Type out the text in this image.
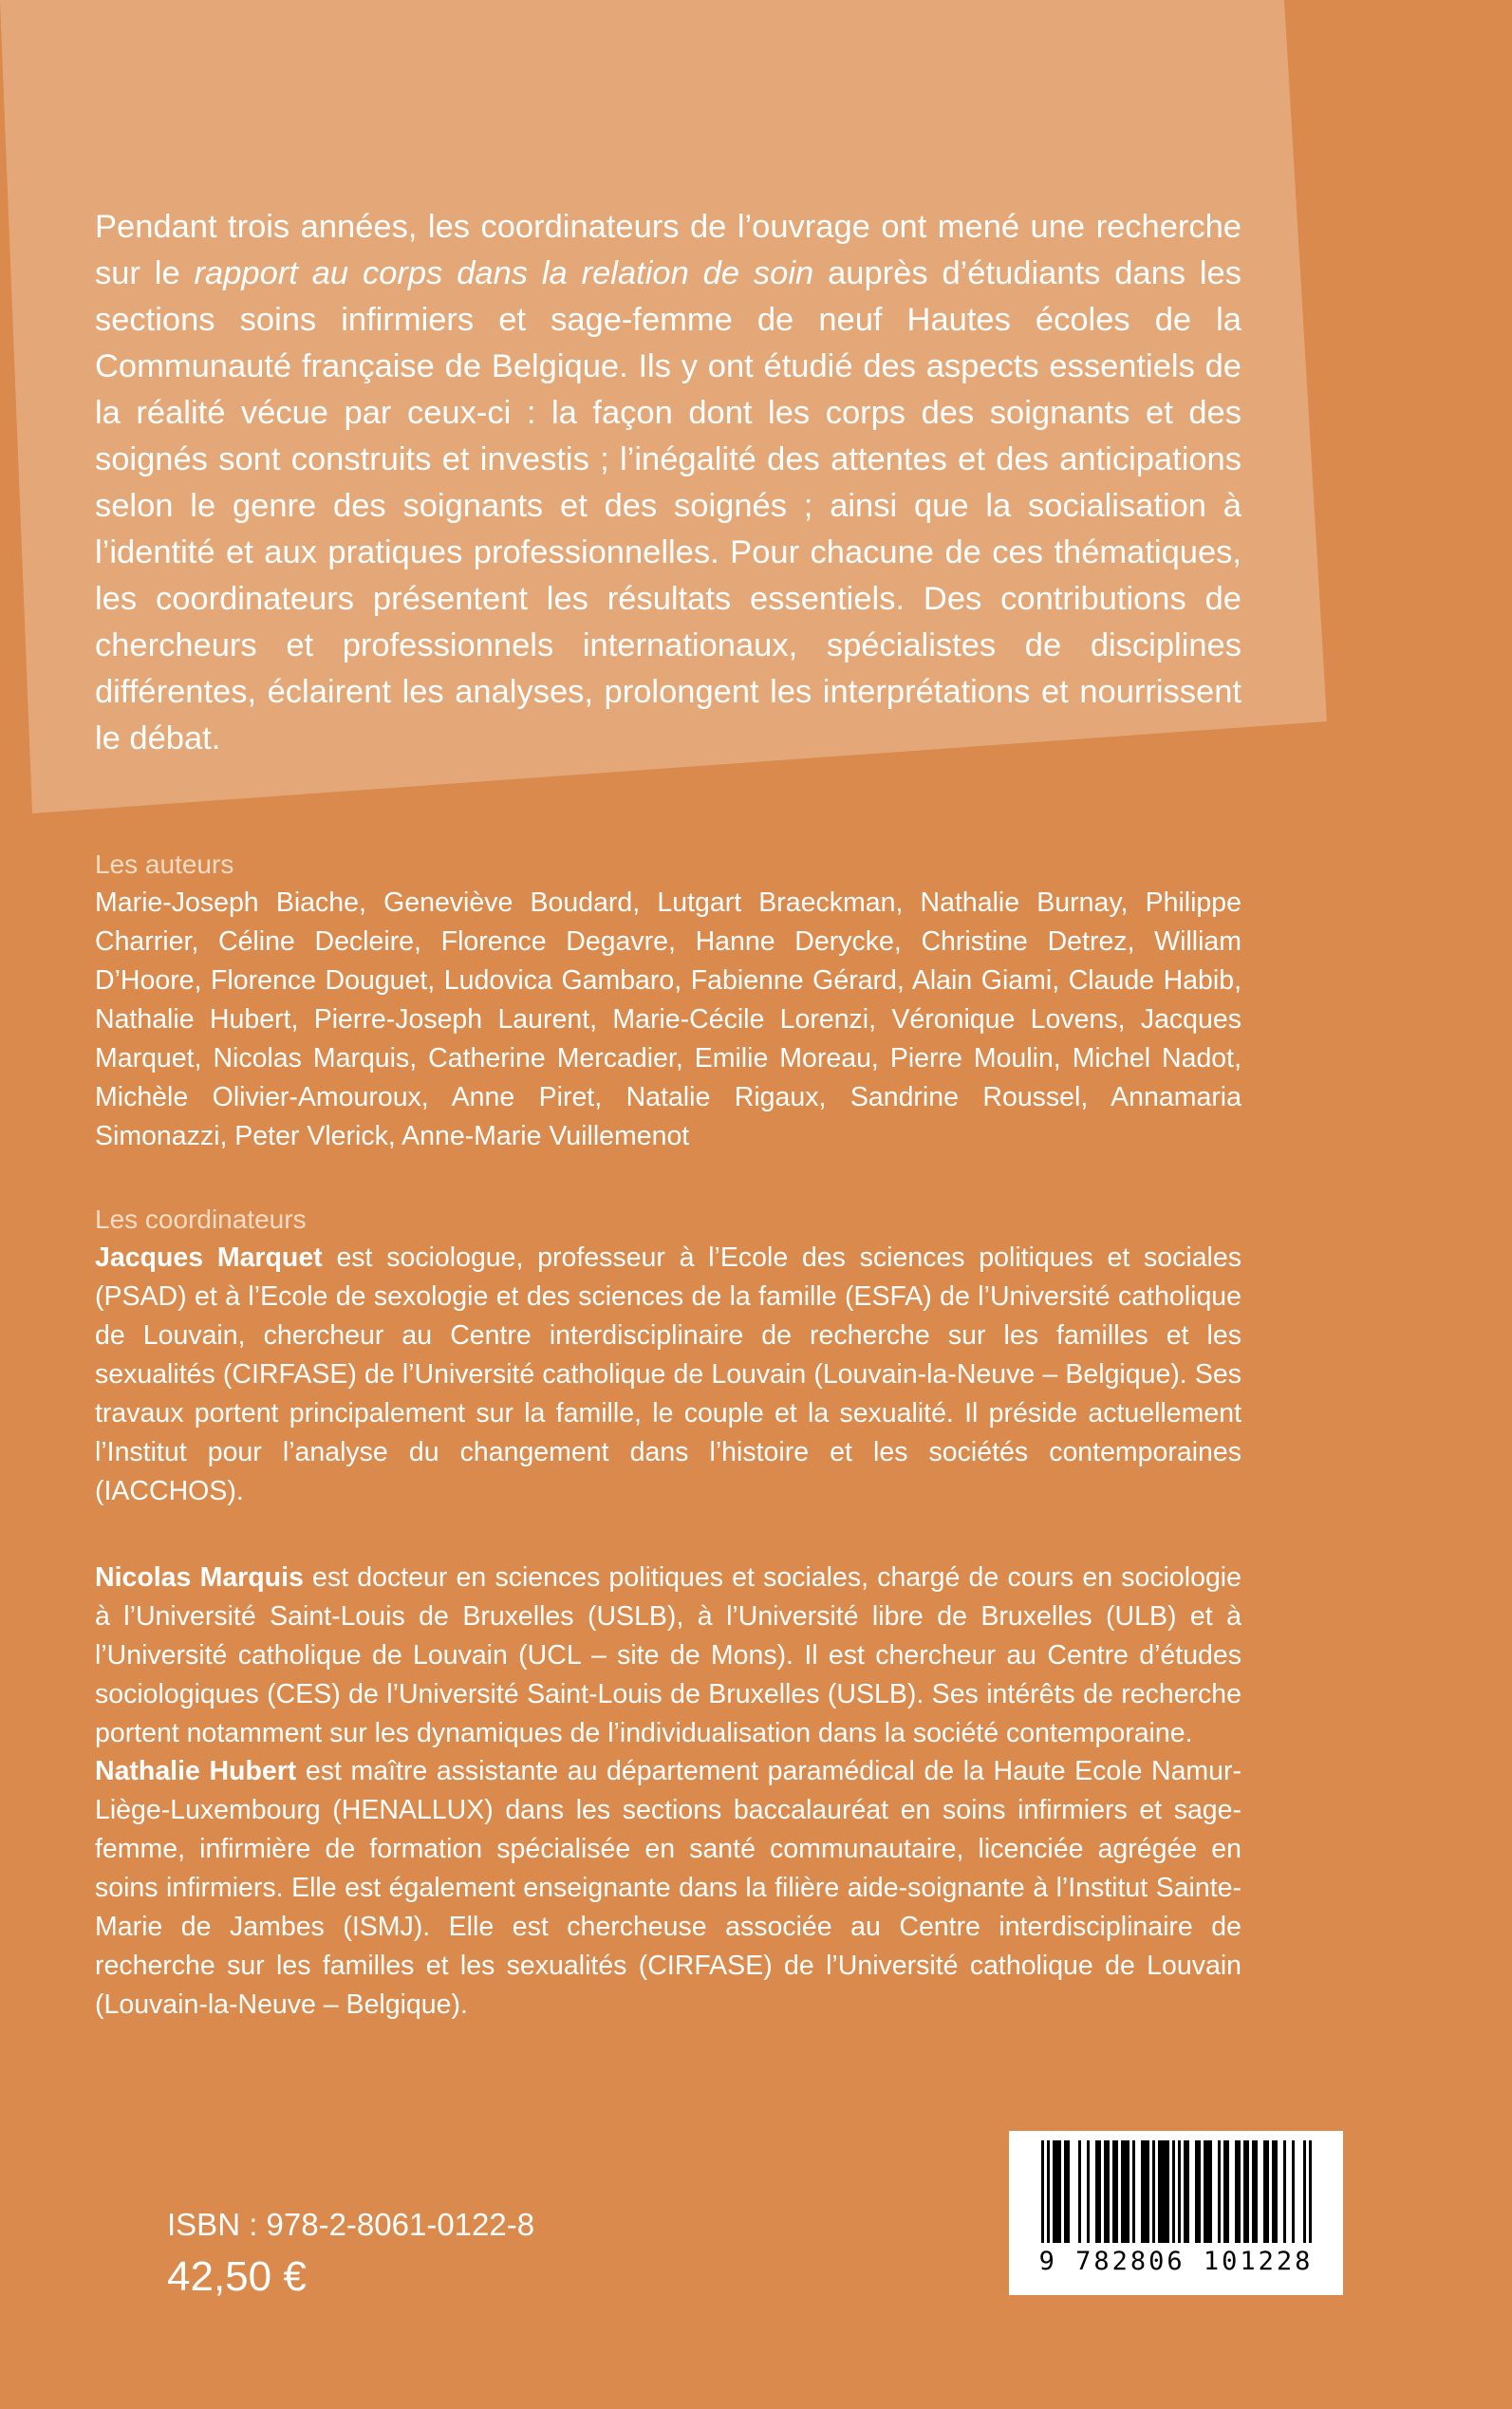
Pendant trois années, les coordinateurs de l’ouvrage ont mené une recherche sur le rapport au corps dans la relation de soin auprès d’étudiants dans les sections soins infirmiers et sage-femme de neuf Hautes écoles de la Communauté française de Belgique. Ils y ont étudié des aspects essentiels de la réalité vécue par ceux-ci : la façon dont les corps des soignants et des soignés sont construits et investis ; l’inégalité des attentes et des anticipations selon le genre des soignants et des soignés ; ainsi que la socialisation à l’identité et aux pratiques professionnelles. Pour chacune de ces thématiques, les coordinateurs présentent les résultats essentiels. Des contributions de chercheurs et professionnels internationaux, spécialistes de disciplines différentes, éclairent les analyses, prolongent les interprétations et nourrissent le débat.

Les auteurs

Marie-Joseph Biache, Geneviève Boudard, Lutgart Braeckman, Nathalie Burnay, Philippe Charrier, Céline Decleire, Florence Degavre, Hanne Derycke, Christine Detrez, William D’Hoore, Florence Douguet, Ludovica Gambaro, Fabienne Gérard, Alain Giami, Claude Habib, Nathalie Hubert, Pierre-Joseph Laurent, Marie-Cécile Lorenzi, Véronique Lovens, Jacques Marquet, Nicolas Marquis, Catherine Mercadier, Emilie Moreau, Pierre Moulin, Michel Nadot, Michèle Olivier-Amouroux, Anne Piret, Natalie Rigaux, Sandrine Roussel, Annamaria Simonazzi, Peter Vlerick, Anne-Marie Vuillemenot

Les coordinateurs

Jacques Marquet est sociologue, professeur à l’Ecole des sciences politiques et sociales (PSAD) et à l’Ecole de sexologie et des sciences de la famille (ESFA) de l’Université catholique de Louvain, chercheur au Centre interdisciplinaire de recherche sur les familles et les sexualités (CIRFASE) de l’Université catholique de Louvain (Louvain-la-Neuve – Belgique). Ses travaux portent principalement sur la famille, le couple et la sexualité. Il préside actuellement l’Institut pour l’analyse du changement dans l’histoire et les sociétés contemporaines (IACCHOS).

Nicolas Marquis est docteur en sciences politiques et sociales, chargé de cours en sociologie à l’Université Saint-Louis de Bruxelles (USLB), à l’Université libre de Bruxelles (ULB) et à l’Université catholique de Louvain (UCL – site de Mons). Il est chercheur au Centre d’études sociologiques (CES) de l’Université Saint-Louis de Bruxelles (USLB). Ses intérêts de recherche portent notamment sur les dynamiques de l’individualisation dans la société contemporaine.

Nathalie Hubert est maître assistante au département paramédical de la Haute Ecole Namur-Liège-Luxembourg (HENALLUX) dans les sections baccalauréat en soins infirmiers et sage-femme, infirmière de formation spécialisée en santé communautaire, licenciée agrégée en soins infirmiers. Elle est également enseignante dans la filière aide-soignante à l’Institut Sainte-Marie de Jambes (ISMJ). Elle est chercheuse associée au Centre interdisciplinaire de recherche sur les familles et les sexualités (CIRFASE) de l’Université catholique de Louvain (Louvain-la-Neuve – Belgique).

ISBN : 978-2-8061-0122-8
42,50 €	9 782806 101228
